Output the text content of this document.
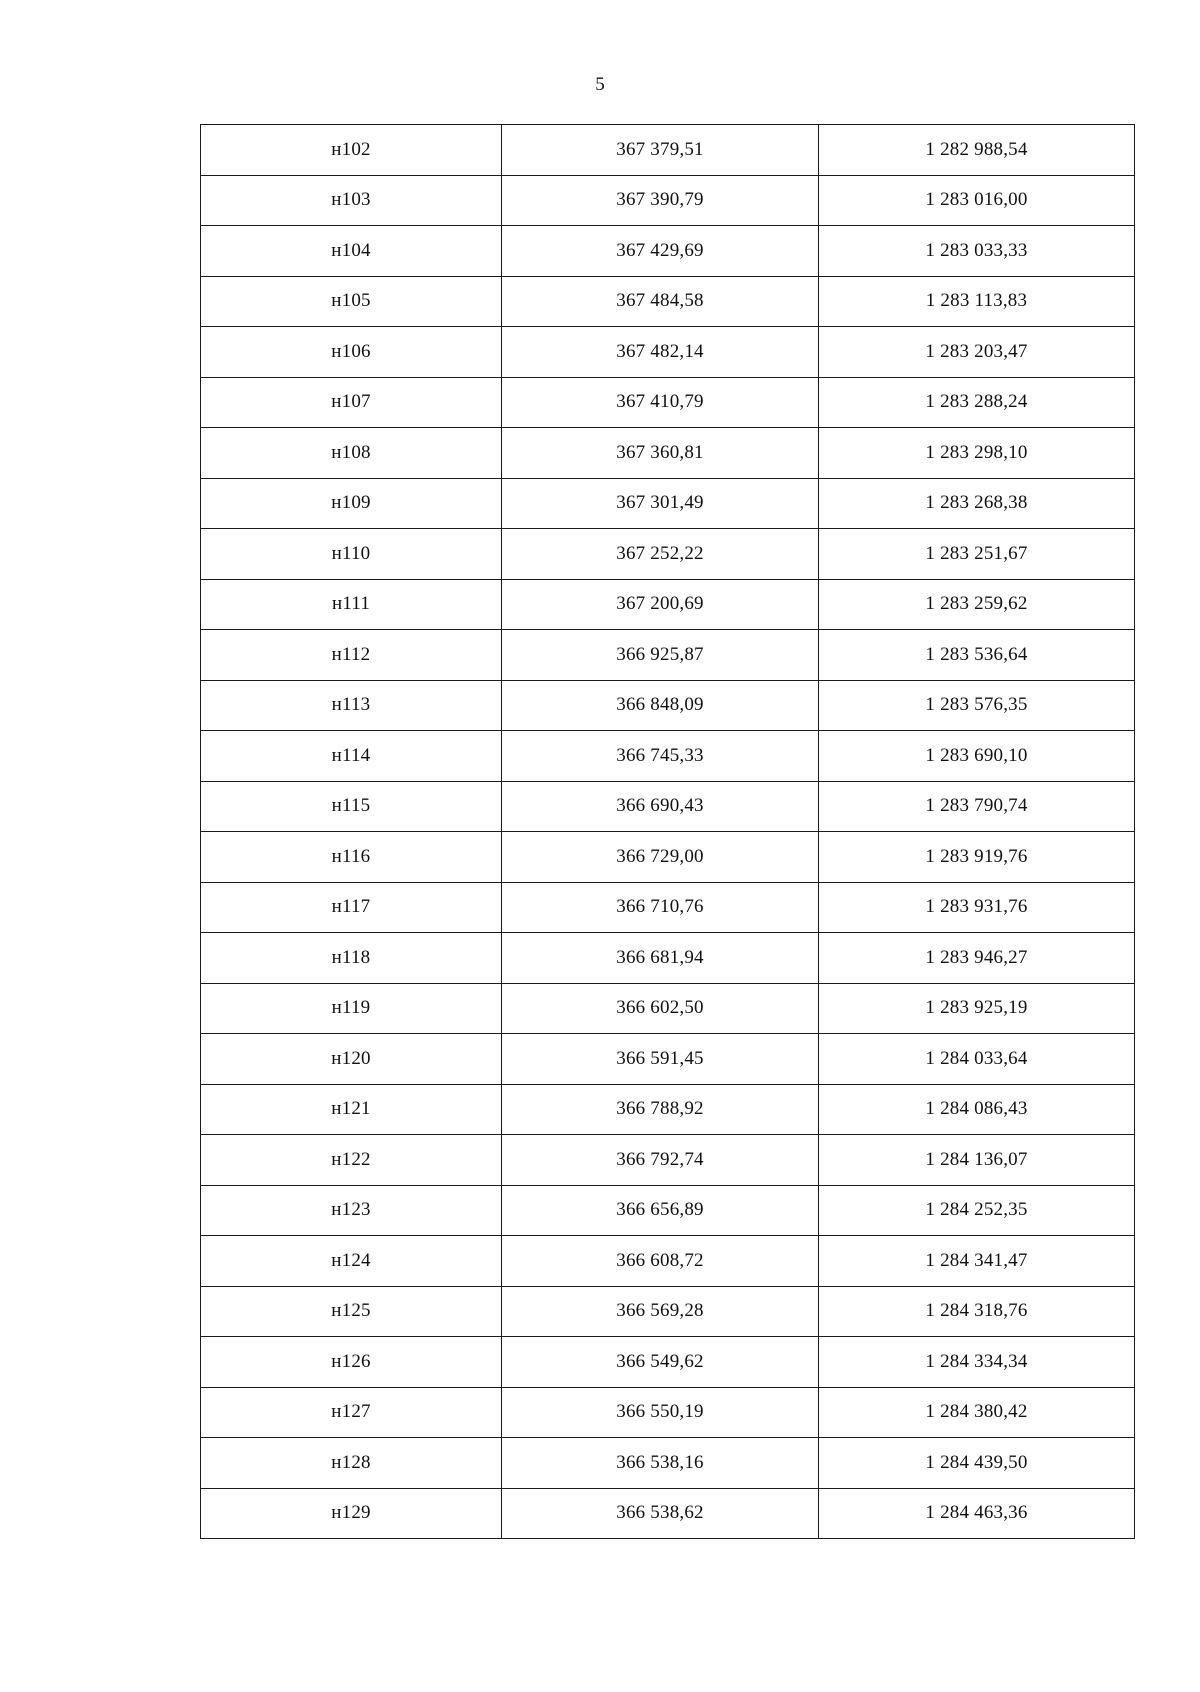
5
н102	367 379,51	1 282 988,54
н103	367 390,79	1 283 016,00
н104	367 429,69	1 283 033,33
н105	367 484,58	1 283 113,83
н106	367 482,14	1 283 203,47
н107	367 410,79	1 283 288,24
н108	367 360,81	1 283 298,10
н109	367 301,49	1 283 268,38
н110	367 252,22	1 283 251,67
н111	367 200,69	1 283 259,62
н112	366 925,87	1 283 536,64
н113	366 848,09	1 283 576,35
н114	366 745,33	1 283 690,10
н115	366 690,43	1 283 790,74
н116	366 729,00	1 283 919,76
н117	366 710,76	1 283 931,76
н118	366 681,94	1 283 946,27
н119	366 602,50	1 283 925,19
н120	366 591,45	1 284 033,64
н121	366 788,92	1 284 086,43
н122	366 792,74	1 284 136,07
н123	366 656,89	1 284 252,35
н124	366 608,72	1 284 341,47
н125	366 569,28	1 284 318,76
н126	366 549,62	1 284 334,34
н127	366 550,19	1 284 380,42
н128	366 538,16	1 284 439,50
н129	366 538,62	1 284 463,36
